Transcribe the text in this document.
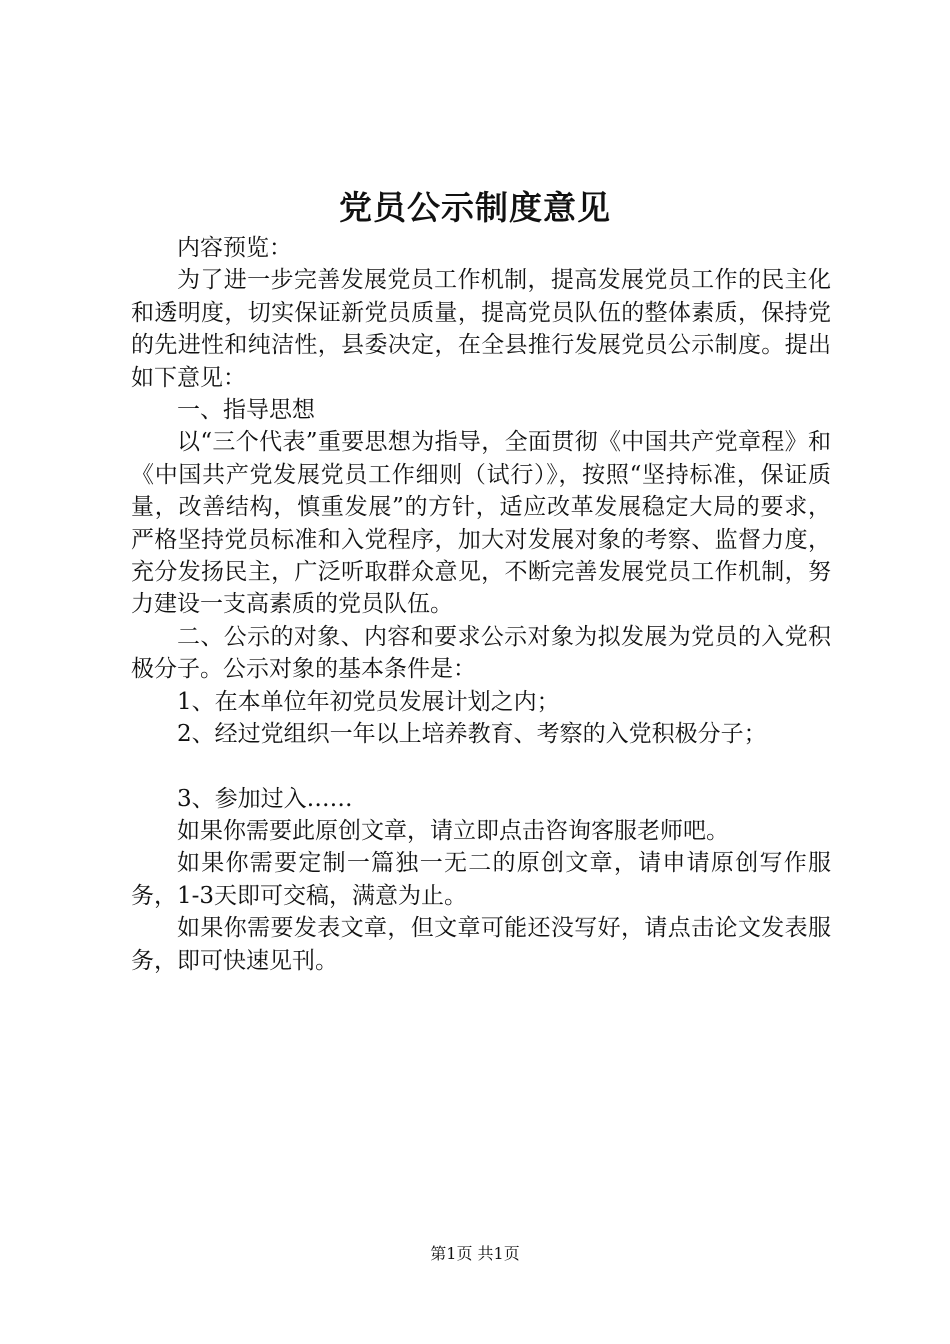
党员公示制度意见

内容预览：

为了进一步完善发展党员工作机制，提高发展党员工作的民主化和透明度，切实保证新党员质量，提高党员队伍的整体素质，保持党的先进性和纯洁性，县委决定，在全县推行发展党员公示制度。提出如下意见：

一、指导思想

以“三个代表”重要思想为指导，全面贯彻《中国共产党章程》和《中国共产党发展党员工作细则（试行）》，按照“坚持标准，保证质量，改善结构，慎重发展”的方针，适应改革发展稳定大局的要求，严格坚持党员标准和入党程序，加大对发展对象的考察、监督力度，充分发扬民主，广泛听取群众意见，不断完善发展党员工作机制，努力建设一支高素质的党员队伍。

二、公示的对象、内容和要求公示对象为拟发展为党员的入党积极分子。公示对象的基本条件是：

1、在本单位年初党员发展计划之内；

2、经过党组织一年以上培养教育、考察的入党积极分子；

3、参加过入……

如果你需要此原创文章，请立即点击咨询客服老师吧。

如果你需要定制一篇独一无二的原创文章，请申请原创写作服务，1-3天即可交稿，满意为止。

如果你需要发表文章，但文章可能还没写好，请点击论文发表服务，即可快速见刊。

第1页 共1页
